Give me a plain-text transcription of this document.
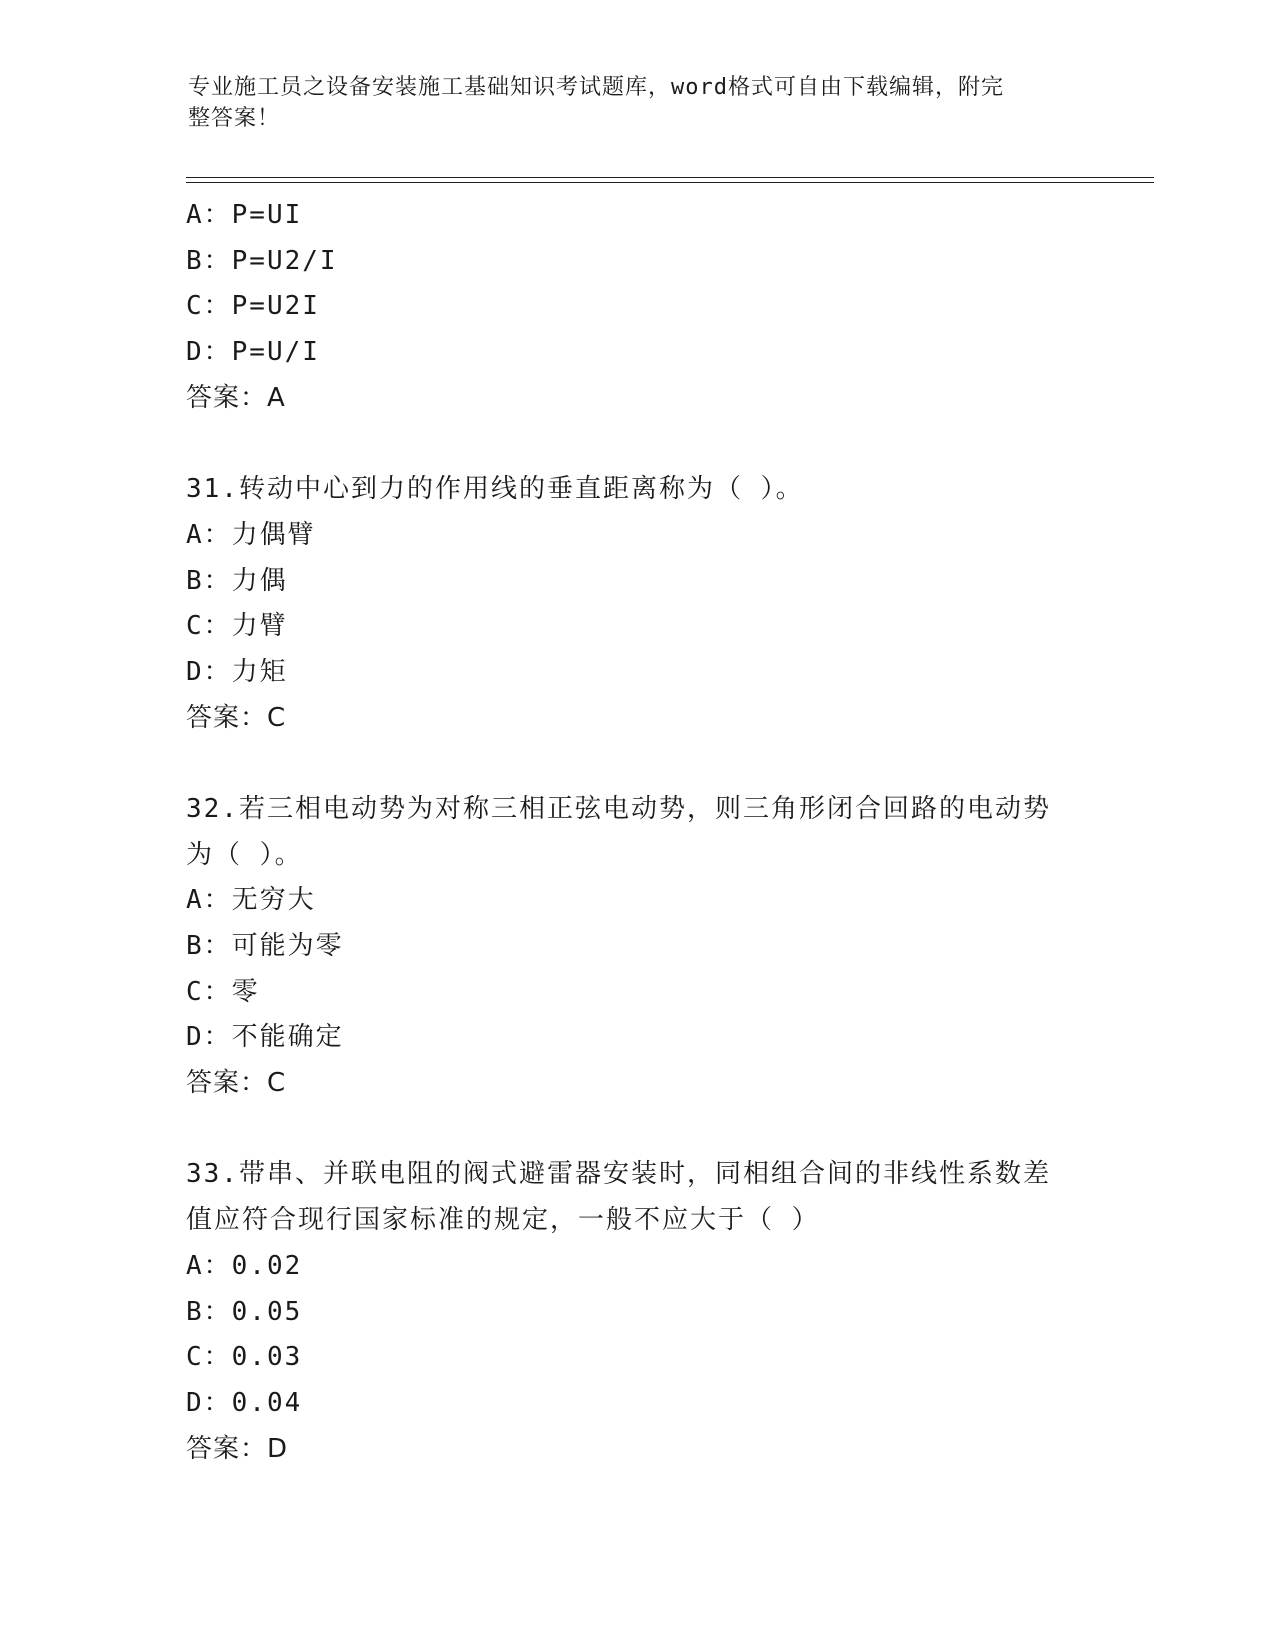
专业施工员之设备安装施工基础知识考试题库，word格式可自由下载编辑，附完
整答案！
A：P=UI
B：P=U2/I
C：P=U2I
D：P=U/I
答案：A
31.转动中心到力的作用线的垂直距离称为（ ）。
A：力偶臂
B：力偶
C：力臂
D：力矩
答案：C
32.若三相电动势为对称三相正弦电动势，则三角形闭合回路的电动势
为（ ）。
A：无穷大
B：可能为零
C：零
D：不能确定
答案：C
33.带串、并联电阻的阀式避雷器安装时，同相组合间的非线性系数差
值应符合现行国家标准的规定，一般不应大于（ ）
A：0.02
B：0.05
C：0.03
D：0.04
答案：D
